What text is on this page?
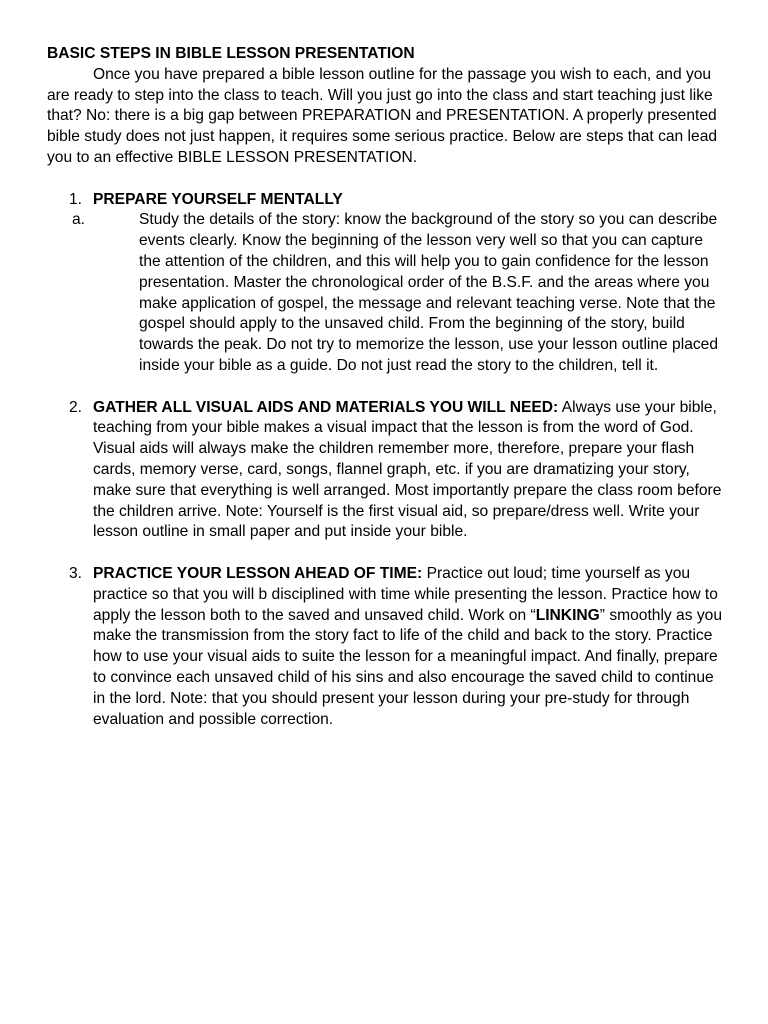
BASIC STEPS IN BIBLE LESSON PRESENTATION

Once you have prepared a bible lesson outline for the passage you wish to each, and you are ready to step into the class to teach. Will you just go into the class and start teaching just like that? No: there is a big gap between PREPARATION and PRESENTATION. A properly presented bible study does not just happen, it requires some serious practice. Below are steps that can lead you to an effective BIBLE LESSON PRESENTATION.

1. PREPARE YOURSELF MENTALLY

a.	Study the details of the story: know the background of the story so you can describe events clearly. Know the beginning of the lesson very well so that you can capture the attention of the children, and this will help you to gain confidence for the lesson presentation. Master the chronological order of the B.S.F. and the areas where you make application of gospel, the message and relevant teaching verse. Note that the gospel should apply to the unsaved child. From the beginning of the story, build towards the peak. Do not try to memorize the lesson, use your lesson outline placed inside your bible as a guide. Do not just read the story to the children, tell it.

2. GATHER ALL VISUAL AIDS AND MATERIALS YOU WILL NEED: Always use your bible, teaching from your bible makes a visual impact that the lesson is from the word of God. Visual aids will always make the children remember more, therefore, prepare your flash cards, memory verse, card, songs, flannel graph, etc. if you are dramatizing your story, make sure that everything is well arranged. Most importantly prepare the class room before the children arrive. Note: Yourself is the first visual aid, so prepare/dress well. Write your lesson outline in small paper and put inside your bible.

3. PRACTICE YOUR LESSON AHEAD OF TIME: Practice out loud; time yourself as you practice so that you will b disciplined with time while presenting the lesson. Practice how to apply the lesson both to the saved and unsaved child. Work on “LINKING” smoothly as you make the transmission from the story fact to life of the child and back to the story. Practice how to use your visual aids to suite the lesson for a meaningful impact. And finally, prepare to convince each unsaved child of his sins and also encourage the saved child to continue in the lord. Note: that you should present your lesson during your pre-study for through evaluation and possible correction.
